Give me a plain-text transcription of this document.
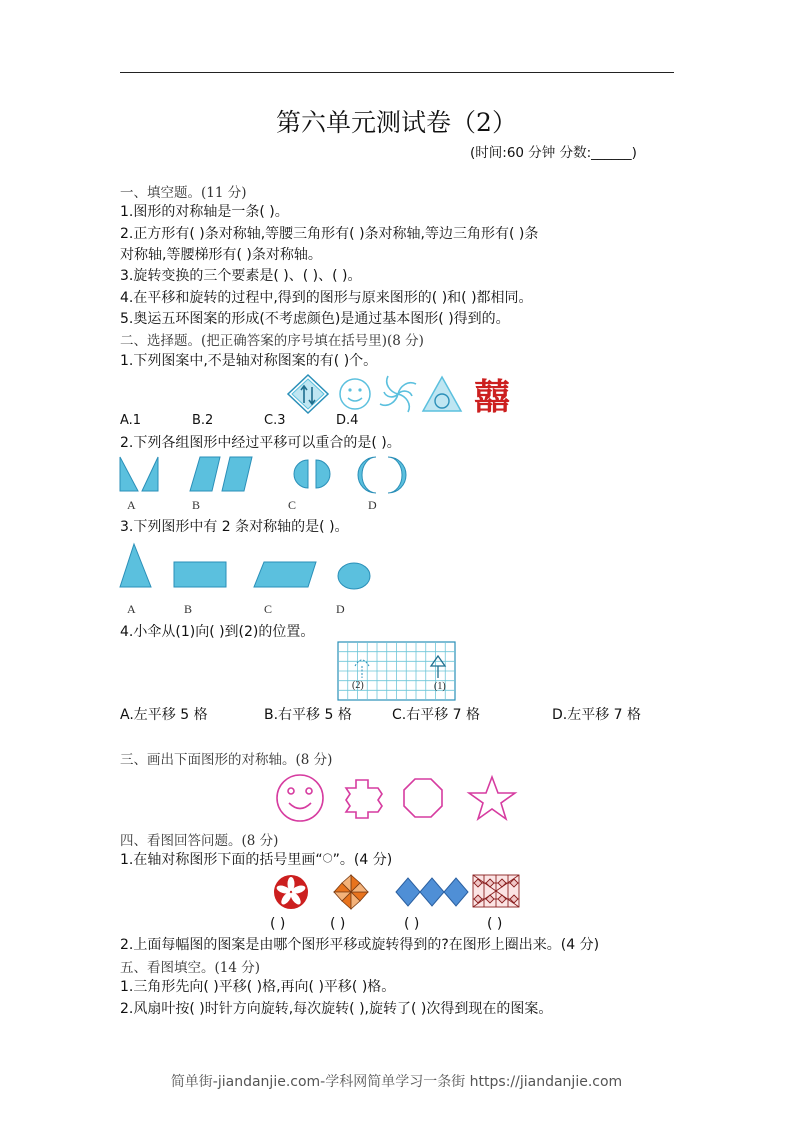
第六单元测试卷（2）
(时间:60 分钟 分数:______)
一、填空题。(11 分)
1.图形的对称轴是一条( )。
2.正方形有( )条对称轴,等腰三角形有( )条对称轴,等边三角形有( )条
对称轴,等腰梯形有( )条对称轴。
3.旋转变换的三个要素是( )、( )、( )。
4.在平移和旋转的过程中,得到的图形与原来图形的( )和( )都相同。
5.奥运五环图案的形成(不考虑颜色)是通过基本图形( )得到的。
二、选择题。(把正确答案的序号填在括号里)(8 分)
1.下列图案中,不是轴对称图案的有( )个。
囍
A.1	B.2	C.3	D.4
2.下列各组图形中经过平移可以重合的是( )。
A	B	C	D
3.下列图形中有 2 条对称轴的是( )。
A	B	C	D
4.小伞从(1)向( )到(2)的位置。
(2)	(1)
A.左平移 5 格	B.右平移 5 格	C.右平移 7 格	D.左平移 7 格
三、画出下面图形的对称轴。(8 分)
四、看图回答问题。(8 分)
1.在轴对称图形下面的括号里画“〇”。(4 分)
( )	( )	( )	( )
2.上面每幅图的图案是由哪个图形平移或旋转得到的?在图形上圈出来。(4 分)
五、看图填空。(14 分)
1.三角形先向( )平移( )格,再向( )平移( )格。
2.风扇叶按( )时针方向旋转,每次旋转( ),旋转了( )次得到现在的图案。
简单街-jiandanjie.com-学科网简单学习一条街 https://jiandanjie.com
